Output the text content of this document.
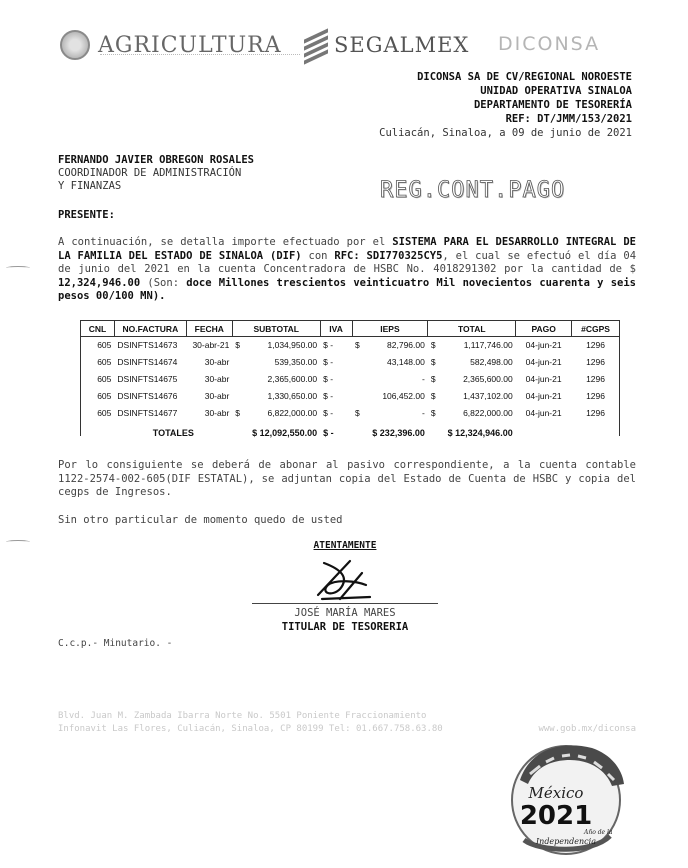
AGRICULTURA SEGALMEX DICONSA
DICONSA SA DE CV/REGIONAL NOROESTE
UNIDAD OPERATIVA SINALOA
DEPARTAMENTO DE TESORERÍA
REF: DT/JMM/153/2021
Culiacán, Sinaloa, a 09 de junio de 2021
FERNANDO JAVIER OBREGON ROSALES
COORDINADOR DE ADMINISTRACIÓN
Y FINANZAS	REG.CONT.PAGO
PRESENTE:
A continuación, se detalla importe efectuado por el SISTEMA PARA EL DESARROLLO INTEGRAL DE LA FAMILIA DEL ESTADO DE SINALOA (DIF) con RFC: SDI770325CY5, el cual se efectuó el día 04 de junio del 2021 en la cuenta Concentradora de HSBC No. 4018291302 por la cantidad de $ 12,324,946.00 (Son: doce Millones trescientos veinticuatro Mil novecientos cuarenta y seis pesos 00/100 MN).
CNL	NO.FACTURA	FECHA	SUBTOTAL	IVA	IEPS	TOTAL	PAGO	#CGPS
605	DSINFTS14673	30-abr-21	$ 1,034,950.00	$ -	$ 82,796.00	$ 1,117,746.00	04-jun-21	1296
605	DSINFTS14674	30-abr	539,350.00	$ -	43,148.00	$ 582,498.00	04-jun-21	1296
605	DSINFTS14675	30-abr	2,365,600.00	$ -	-	$ 2,365,600.00	04-jun-21	1296
605	DSINFTS14676	30-abr	1,330,650.00	$ -	106,452.00	$ 1,437,102.00	04-jun-21	1296
605	DSINFTS14677	30-abr	$ 6,822,000.00	$ -	$ -	$ 6,822,000.00	04-jun-21	1296
	TOTALES		$ 12,092,550.00	$ -	$ 232,396.00	$ 12,324,946.00		
Por lo consiguiente se deberá de abonar al pasivo correspondiente, a la cuenta contable 1122-2574-002-605(DIF ESTATAL), se adjuntan copia del Estado de Cuenta de HSBC y copia del cegps de Ingresos.
Sin otro particular de momento quedo de usted
ATENTAMENTE
JOSÉ MARÍA MARES
TITULAR DE TESORERIA
C.c.p.- Minutario. -
Blvd. Juan M. Zambada Ibarra Norte No. 5501 Poniente Fraccionamiento
Infonavit Las Flores, Culiacán, Sinaloa, CP 80199 Tel: 01.667.758.63.80	www.gob.mx/diconsa
México
2021
Año de la
Independencia
